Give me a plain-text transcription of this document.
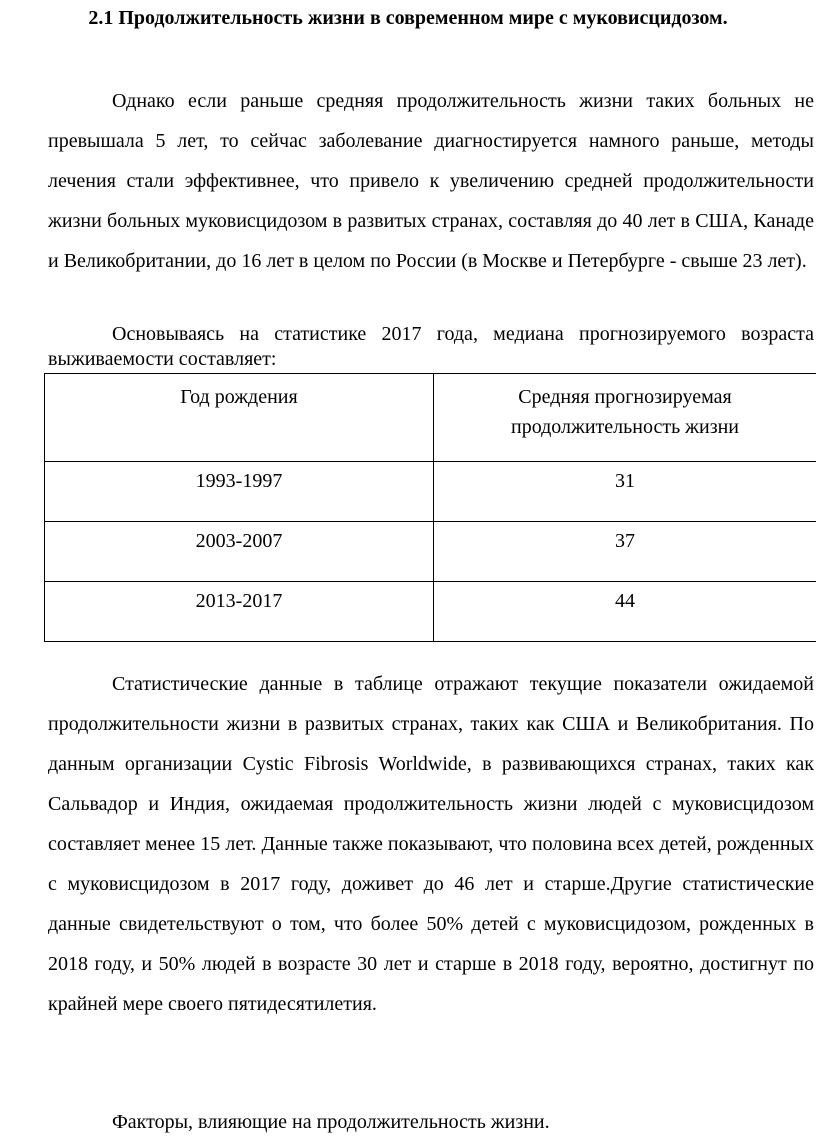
2.1 Продолжительность жизни в современном мире с муковисцидозом.

Однако если раньше средняя продолжительность жизни таких больных не превышала 5 лет, то сейчас заболевание диагностируется намного раньше, методы лечения стали эффективнее, что привело к увеличению средней продолжительности жизни больных муковисцидозом в развитых странах, составляя до 40 лет в США, Канаде и Великобритании, до 16 лет в целом по России (в Москве и Петербурге - свыше 23 лет).

Основываясь на статистике 2017 года, медиана прогнозируемого возраста выживаемости составляет:

Год рождения	Средняя прогнозируемая продолжительность жизни
1993-1997	31
2003-2007	37
2013-2017	44

Статистические данные в таблице отражают текущие показатели ожидаемой продолжительности жизни в развитых странах, таких как США и Великобритания. По данным организации Cystic Fibrosis Worldwide, в развивающихся странах, таких как Сальвадор и Индия, ожидаемая продолжительность жизни людей с муковисцидозом составляет менее 15 лет. Данные также показывают, что половина всех детей, рожденных с муковисцидозом в 2017 году, доживет до 46 лет и старше.Другие статистические данные свидетельствуют о том, что более 50% детей с муковисцидозом, рожденных в 2018 году, и 50% людей в возрасте 30 лет и старше в 2018 году, вероятно, достигнут по крайней мере своего пятидесятилетия.

Факторы, влияющие на продолжительность жизни.
